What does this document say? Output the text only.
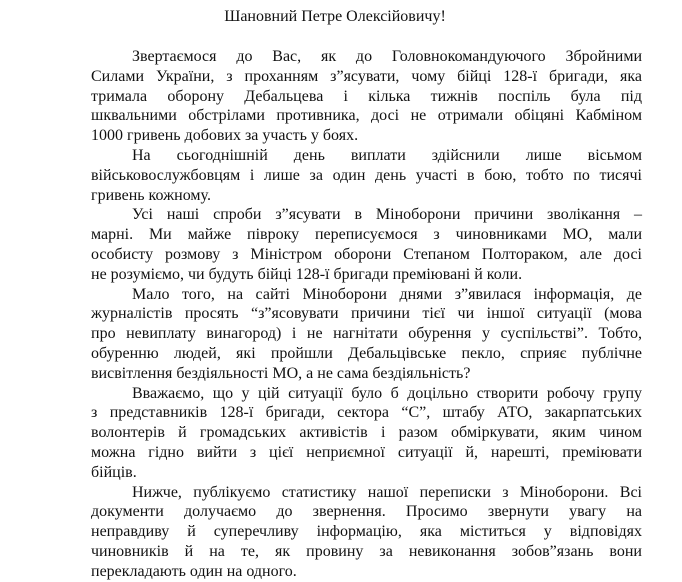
Шановний Петре Олексійовичу!
Звертаємося до Вас, як до Головнокомандуючого Збройними
Силами України, з проханням з”ясувати, чому бійці 128-ї бригади, яка
тримала оборону Дебальцева і кілька тижнів поспіль була під
шквальними обстрілами противника, досі не отримали обіцяні Кабміном
1000 гривень добових за участь у боях.
На сьогоднішній день виплати здійснили лише вісьмом
військовослужбовцям і лише за один день участі в бою, тобто по тисячі
гривень кожному.
Усі наші спроби з”ясувати в Міноборони причини зволікання –
марні. Ми майже півроку переписуємося з чиновниками МО, мали
особисту розмову з Міністром оборони Степаном Полтораком, але досі
не розуміємо, чи будуть бійці 128-ї бригади преміювані й коли.
Мало того, на сайті Міноборони днями з”явилася інформація, де
журналістів просять “з”ясовувати причини тієї чи іншої ситуації (мова
про невиплату винагород) і не нагнітати обурення у суспільстві”. Тобто,
обуренню людей, які пройшли Дебальцівське пекло, сприяє публічне
висвітлення бездіяльності МО, а не сама бездіяльність?
Вважаємо, що у цій ситуації було б доцільно створити робочу групу
з представників 128-ї бригади, сектора “С”, штабу АТО, закарпатських
волонтерів й громадських активістів і разом обміркувати, яким чином
можна гідно вийти з цієї неприємної ситуації й, нарешті, преміювати
бійців.
Нижче, публікуємо статистику нашої переписки з Міноборони. Всі
документи долучаємо до звернення. Просимо звернути увагу на
неправдиву й суперечливу інформацію, яка міститься у відповідях
чиновників й на те, як провину за невиконання зобов”язань вони
перекладають один на одного.
